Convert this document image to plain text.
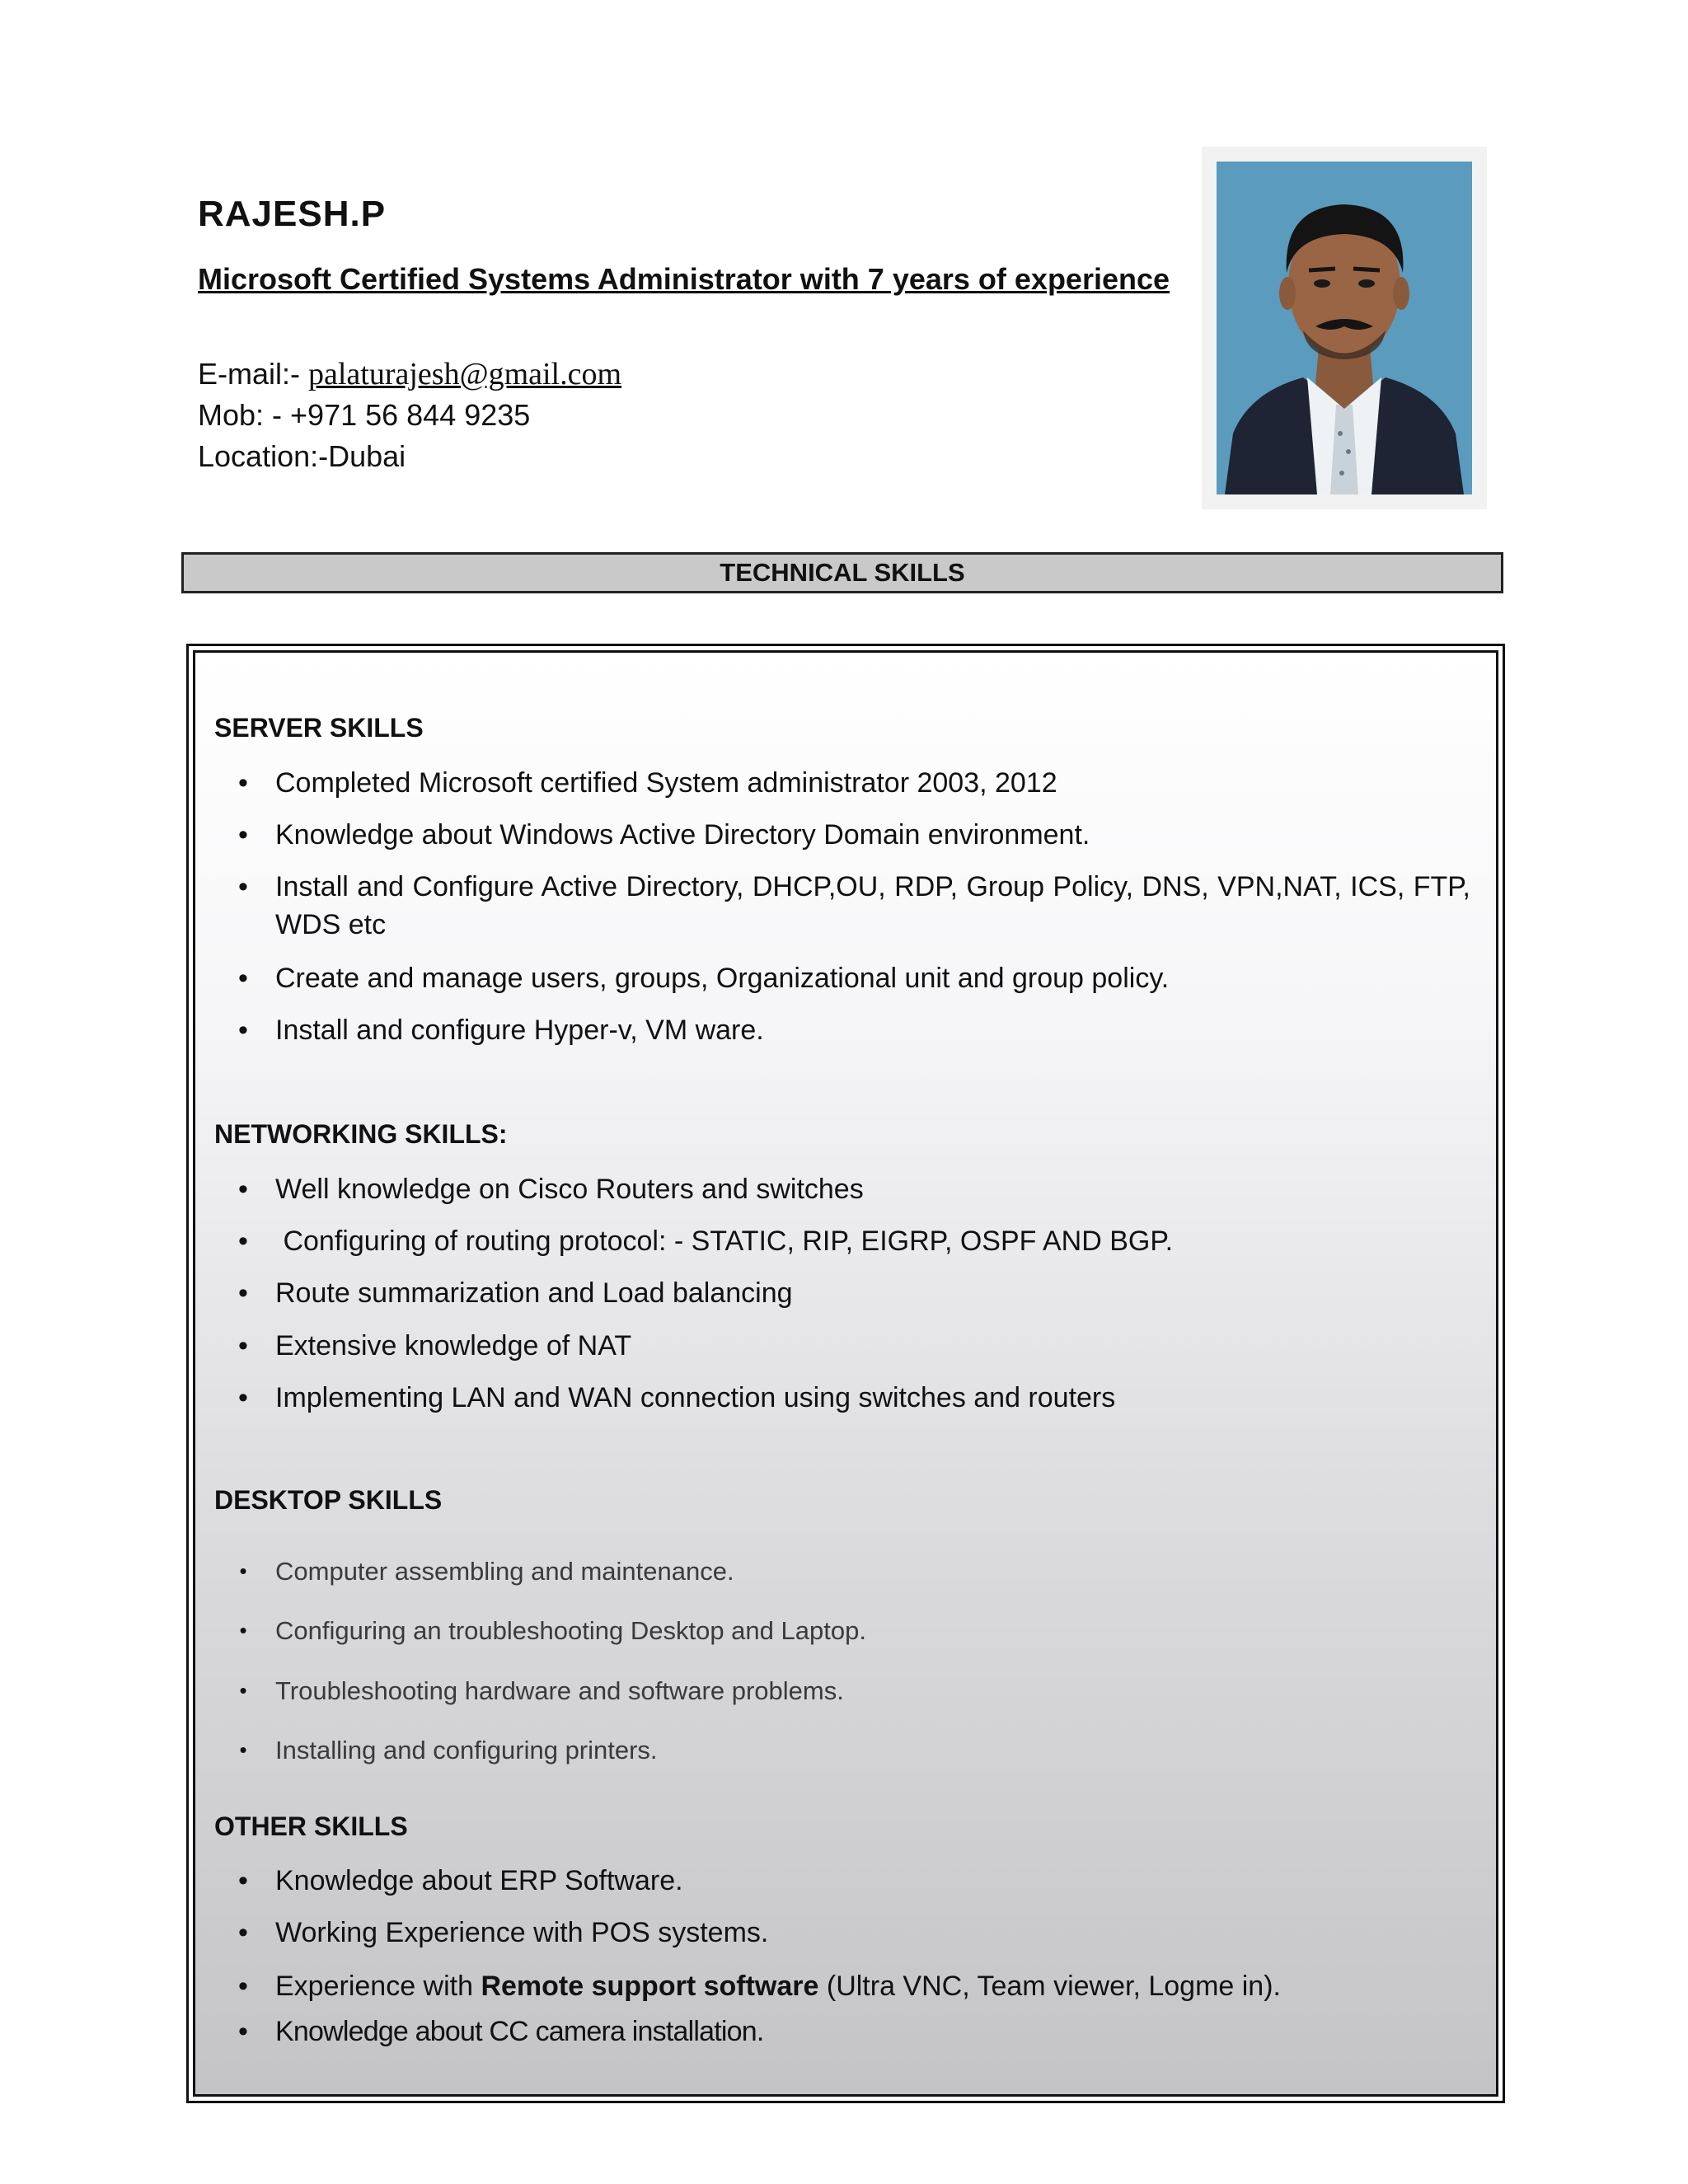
RAJESH.P
Microsoft Certified Systems Administrator with 7 years of experience
E-mail:- palaturajesh@gmail.com
Mob: - +971 56 844 9235
Location:-Dubai
TECHNICAL SKILLS
SERVER SKILLS
• Completed Microsoft certified System administrator 2003, 2012
• Knowledge about Windows Active Directory Domain environment.
• Install and Configure Active Directory, DHCP,OU, RDP, Group Policy, DNS, VPN,NAT, ICS, FTP, WDS etc
• Create and manage users, groups, Organizational unit and group policy.
• Install and configure Hyper-v, VM ware.
NETWORKING SKILLS:
• Well knowledge on Cisco Routers and switches
• Configuring of routing protocol: - STATIC, RIP, EIGRP, OSPF AND BGP.
• Route summarization and Load balancing
• Extensive knowledge of NAT
• Implementing LAN and WAN connection using switches and routers
DESKTOP SKILLS
•	Computer assembling and maintenance.
•	Configuring an troubleshooting Desktop and Laptop.
•	Troubleshooting hardware and software problems.
•	Installing and configuring printers.
OTHER SKILLS
• Knowledge about ERP Software.
• Working Experience with POS systems.
• Experience with Remote support software (Ultra VNC, Team viewer, Logme in).
• Knowledge about CC camera installation.
